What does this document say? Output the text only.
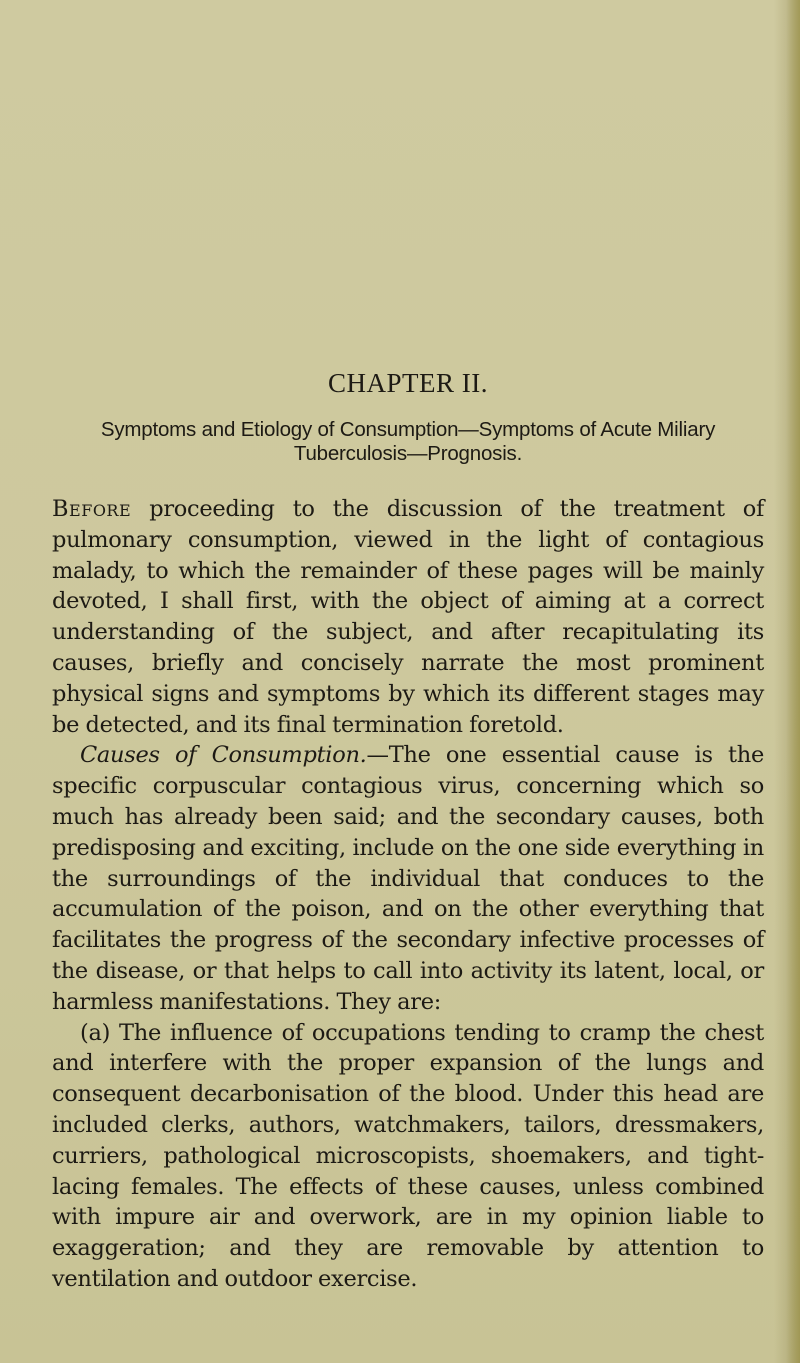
CHAPTER II.
Symptoms and Etiology of Consumption—Symptoms of Acute Miliary Tuberculosis—Prognosis.

Before proceeding to the discussion of the treatment of pulmonary consumption, viewed in the light of contagious malady, to which the remainder of these pages will be mainly devoted, I shall first, with the object of aiming at a correct understanding of the subject, and after recapitulating its causes, briefly and concisely narrate the most prominent physical signs and symptoms by which its different stages may be detected, and its final termination foretold.

Causes of Consumption.—The one essential cause is the specific corpuscular contagious virus, concerning which so much has already been said; and the secondary causes, both predisposing and exciting, include on the one side everything in the surroundings of the individual that conduces to the accumulation of the poison, and on the other everything that facilitates the progress of the secondary infective processes of the disease, or that helps to call into activity its latent, local, or harmless manifestations. They are:

(a) The influence of occupations tending to cramp the chest and interfere with the proper expansion of the lungs and consequent decarbonisation of the blood. Under this head are included clerks, authors, watchmakers, tailors, dressmakers, curriers, pathological microscopists, shoemakers, and tight-lacing females. The effects of these causes, unless combined with impure air and overwork, are in my opinion liable to exaggeration; and they are removable by attention to ventilation and outdoor exercise.
